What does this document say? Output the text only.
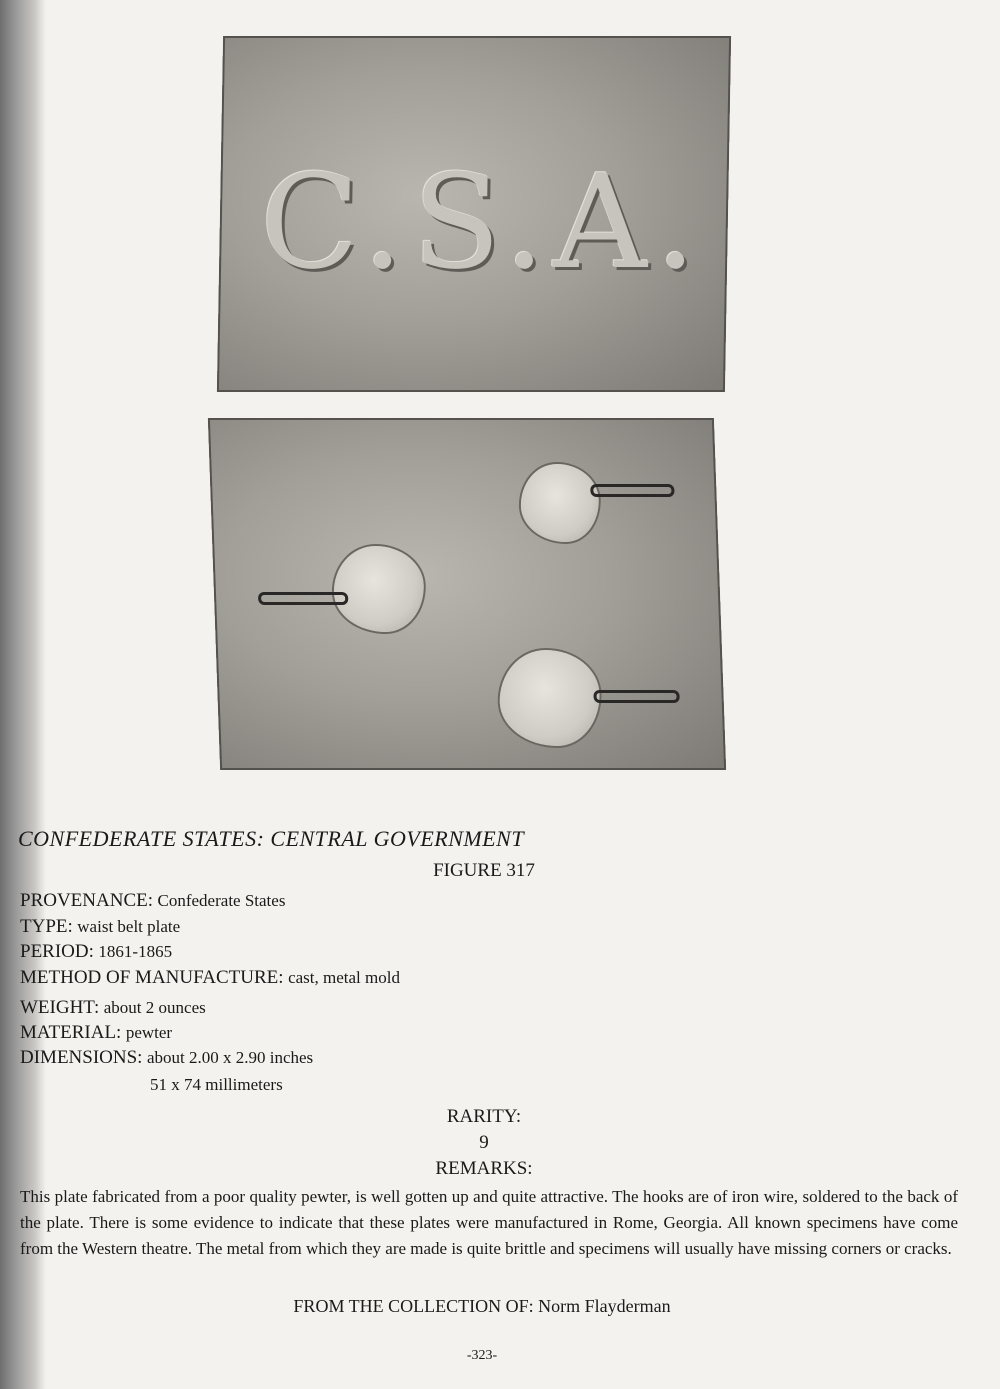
C.S.A.
CONFEDERATE STATES: CENTRAL GOVERNMENT
FIGURE 317
PROVENANCE: Confederate States
TYPE: waist belt plate
PERIOD: 1861-1865
METHOD OF MANUFACTURE: cast, metal mold
WEIGHT: about 2 ounces
MATERIAL: pewter
DIMENSIONS: about 2.00 x 2.90 inches
51 x 74 millimeters
RARITY:
9
REMARKS:
This plate fabricated from a poor quality pewter, is well gotten up and quite attractive. The hooks are of iron wire, soldered to the back of the plate. There is some evidence to indicate that these plates were manufactured in Rome, Georgia. All known specimens have come from the Western theatre. The metal from which they are made is quite brittle and specimens will usually have missing corners or cracks.
FROM THE COLLECTION OF: Norm Flayderman
-323-
